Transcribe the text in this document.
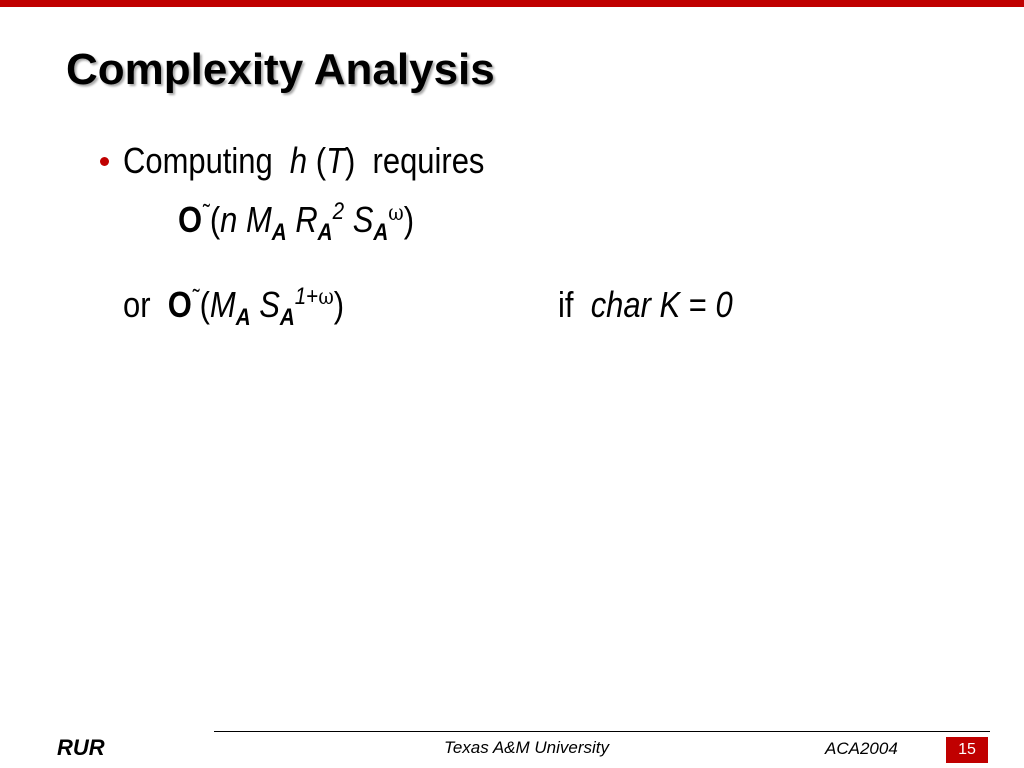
Complexity Analysis
Computing h (T) requires
O˜(n $M_A$ $R_A^2$ $S_A^\omega$)
or $O^˜(M_A$ $S_A^{1+\omega}$)	if char K = 0
RUR	Texas A&M University	ACA2004	15
